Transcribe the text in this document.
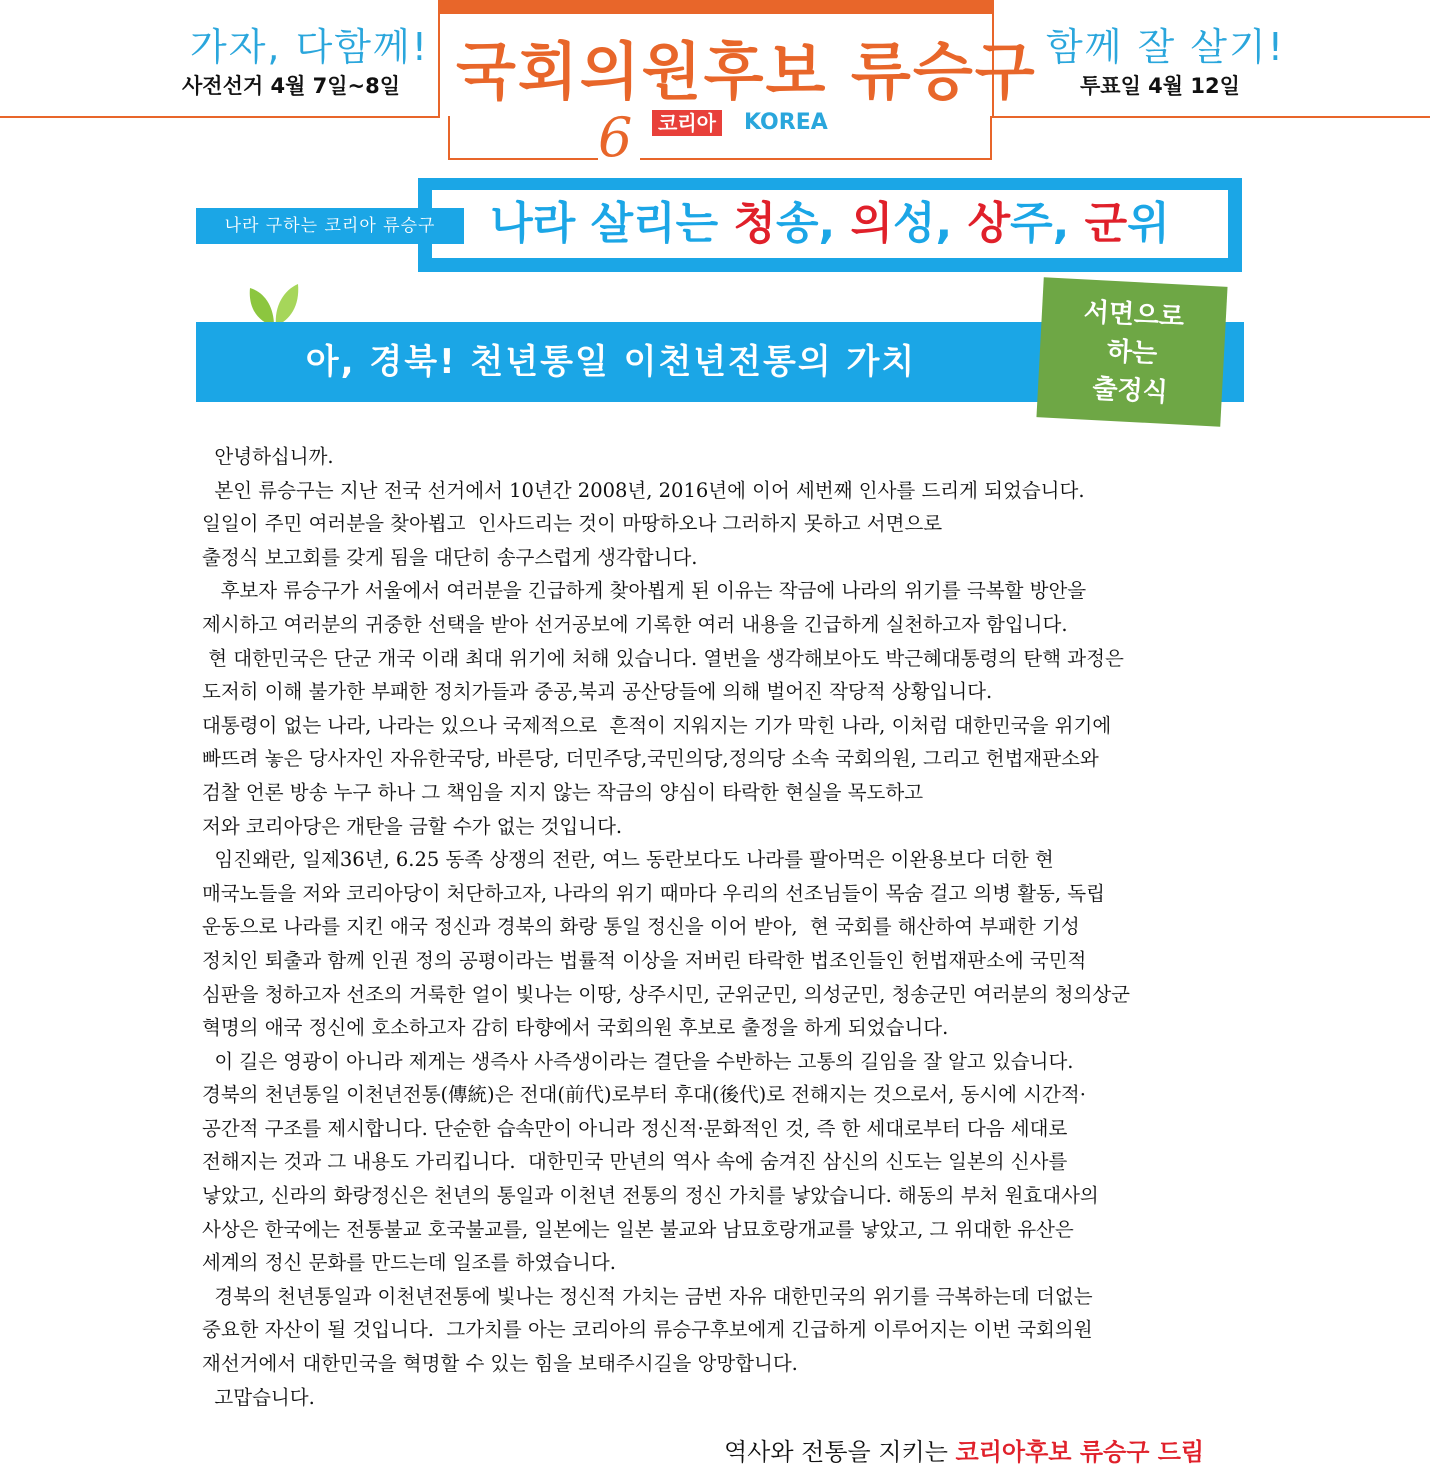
가자, 다함께!	함께 잘 살기!
사전선거 4월 7일~8일	투표일 4월 12일
국회의원후보 류승구
6	코리아 KOREA
나라 살리는 청송, 의성, 상주, 군위
나라 구하는 코리아 류승구
아, 경북! 천년통일 이천년전통의 가치
서면으로
하는
출정식
안녕하십니까.
본인 류승구는 지난 전국 선거에서 10년간 2008년, 2016년에 이어 세번째 인사를 드리게 되었습니다.
일일이 주민 여러분을 찾아뵙고  인사드리는 것이 마땅하오나 그러하지 못하고 서면으로
출정식 보고회를 갖게 됨을 대단히 송구스럽게 생각합니다.
후보자 류승구가 서울에서 여러분을 긴급하게 찾아뵙게 된 이유는 작금에 나라의 위기를 극복할 방안을
제시하고 여러분의 귀중한 선택을 받아 선거공보에 기록한 여러 내용을 긴급하게 실천하고자 함입니다.
현 대한민국은 단군 개국 이래 최대 위기에 처해 있습니다. 열번을 생각해보아도 박근혜대통령의 탄핵 과정은
도저히 이해 불가한 부패한 정치가들과 중공,북괴 공산당들에 의해 벌어진 작당적 상황입니다.
대통령이 없는 나라, 나라는 있으나 국제적으로  흔적이 지워지는 기가 막힌 나라, 이처럼 대한민국을 위기에
빠뜨려 놓은 당사자인 자유한국당, 바른당, 더민주당,국민의당,정의당 소속 국회의원, 그리고 헌법재판소와
검찰 언론 방송 누구 하나 그 책임을 지지 않는 작금의 양심이 타락한 현실을 목도하고
저와 코리아당은 개탄을 금할 수가 없는 것입니다.
임진왜란, 일제36년, 6.25 동족 상쟁의 전란, 여느 동란보다도 나라를 팔아먹은 이완용보다 더한 현
매국노들을 저와 코리아당이 처단하고자, 나라의 위기 때마다 우리의 선조님들이 목숨 걸고 의병 활동, 독립
운동으로 나라를 지킨 애국 정신과 경북의 화랑 통일 정신을 이어 받아,  현 국회를 해산하여 부패한 기성
정치인 퇴출과 함께 인권 정의 공평이라는 법률적 이상을 저버린 타락한 법조인들인 헌법재판소에 국민적
심판을 청하고자 선조의 거룩한 얼이 빛나는 이땅, 상주시민, 군위군민, 의성군민, 청송군민 여러분의 청의상군
혁명의 애국 정신에 호소하고자 감히 타향에서 국회의원 후보로 출정을 하게 되었습니다.
이 길은 영광이 아니라 제게는 생즉사 사즉생이라는 결단을 수반하는 고통의 길임을 잘 알고 있습니다.
경북의 천년통일 이천년전통(傳統)은 전대(前代)로부터 후대(後代)로 전해지는 것으로서, 동시에 시간적·
공간적 구조를 제시합니다. 단순한 습속만이 아니라 정신적·문화적인 것, 즉 한 세대로부터 다음 세대로
전해지는 것과 그 내용도 가리킵니다.  대한민국 만년의 역사 속에 숨겨진 삼신의 신도는 일본의 신사를
낳았고, 신라의 화랑정신은 천년의 통일과 이천년 전통의 정신 가치를 낳았습니다. 해동의 부처 원효대사의
사상은 한국에는 전통불교 호국불교를, 일본에는 일본 불교와 남묘호랑개교를 낳았고, 그 위대한 유산은
세계의 정신 문화를 만드는데 일조를 하였습니다.
경북의 천년통일과 이천년전통에 빛나는 정신적 가치는 금번 자유 대한민국의 위기를 극복하는데 더없는
중요한 자산이 될 것입니다.  그가치를 아는 코리아의 류승구후보에게 긴급하게 이루어지는 이번 국회의원
재선거에서 대한민국을 혁명할 수 있는 힘을 보태주시길을 앙망합니다.
고맙습니다.
역사와 전통을 지키는 코리아후보 류승구 드림
